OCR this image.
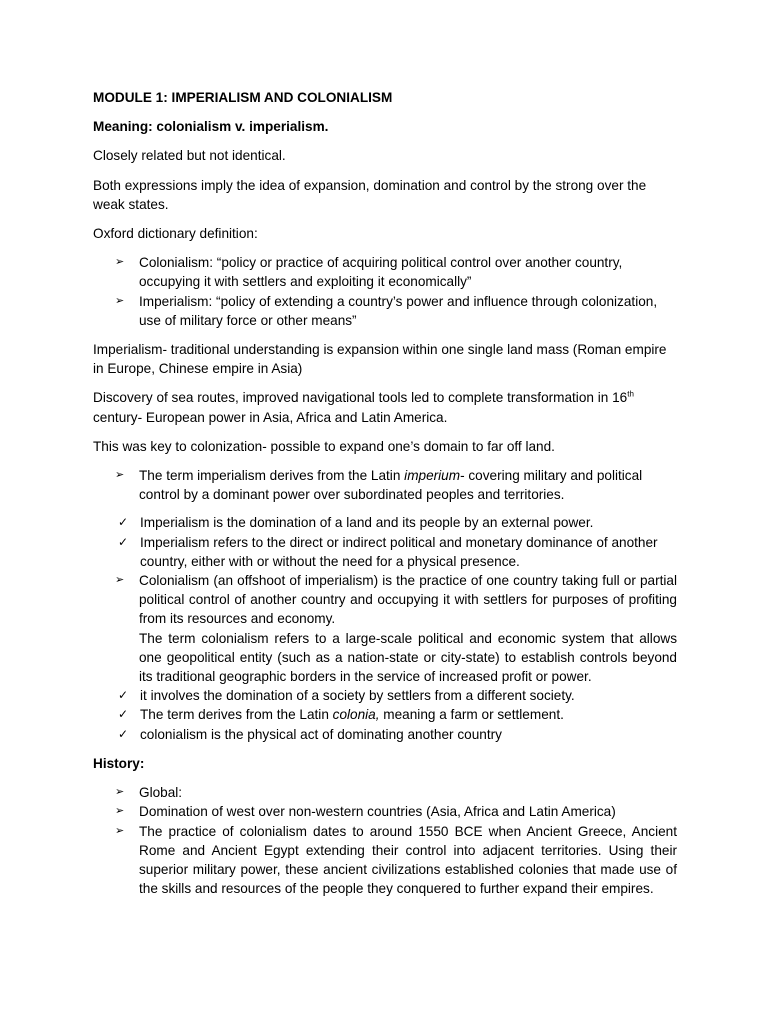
MODULE 1: IMPERIALISM AND COLONIALISM

Meaning: colonialism v. imperialism.

Closely related but not identical.

Both expressions imply the idea of expansion, domination and control by the strong over the weak states.

Oxford dictionary definition:

➢ Colonialism: “policy or practice of acquiring political control over another country, occupying it with settlers and exploiting it economically”
➢ Imperialism: “policy of extending a country’s power and influence through colonization, use of military force or other means”

Imperialism- traditional understanding is expansion within one single land mass (Roman empire in Europe, Chinese empire in Asia)

Discovery of sea routes, improved navigational tools led to complete transformation in 16th century- European power in Asia, Africa and Latin America.

This was key to colonization- possible to expand one’s domain to far off land.

➢ The term imperialism derives from the Latin imperium- covering military and political control by a dominant power over subordinated peoples and territories.
✓ Imperialism is the domination of a land and its people by an external power.
✓ Imperialism refers to the direct or indirect political and monetary dominance of another country, either with or without the need for a physical presence.
➢ Colonialism (an offshoot of imperialism) is the practice of one country taking full or partial political control of another country and occupying it with settlers for purposes of profiting from its resources and economy.

The term colonialism refers to a large-scale political and economic system that allows one geopolitical entity (such as a nation-state or city-state) to establish controls beyond its traditional geographic borders in the service of increased profit or power.

✓ it involves the domination of a society by settlers from a different society.
✓ The term derives from the Latin colonia, meaning a farm or settlement.
✓ colonialism is the physical act of dominating another country

History:

➢ Global:
➢ Domination of west over non-western countries (Asia, Africa and Latin America)
➢ The practice of colonialism dates to around 1550 BCE when Ancient Greece, Ancient Rome and Ancient Egypt extending their control into adjacent territories. Using their superior military power, these ancient civilizations established colonies that made use of the skills and resources of the people they conquered to further expand their empires.
